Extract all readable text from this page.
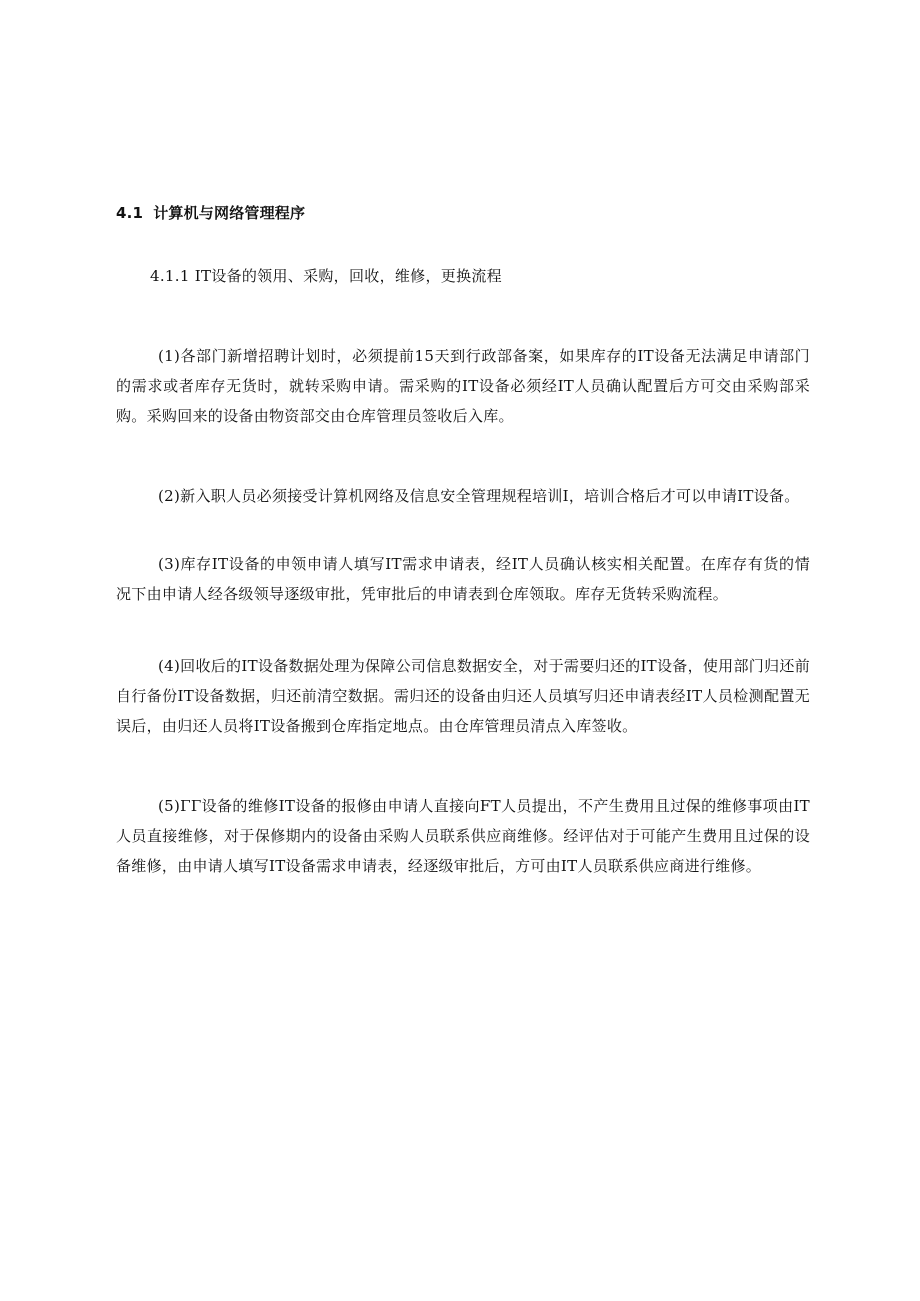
4.1 计算机与网络管理程序
4.1.1 IT设备的领用、采购，回收，维修，更换流程

(1)各部门新增招聘计划时，必须提前15天到行政部备案，如果库存的IT设备无法满足申请部门的需求或者库存无货时，就转采购申请。需采购的IT设备必须经IT人员确认配置后方可交由采购部采购。采购回来的设备由物资部交由仓库管理员签收后入库。

(2)新入职人员必须接受计算机网络及信息安全管理规程培训I，培训合格后才可以申请IT设备。

(3)库存IT设备的申领申请人填写IT需求申请表，经IT人员确认核实相关配置。在库存有货的情况下由申请人经各级领导逐级审批，凭审批后的申请表到仓库领取。库存无货转采购流程。

(4)回收后的IT设备数据处理为保障公司信息数据安全，对于需要归还的IT设备，使用部门归还前自行备份IT设备数据，归还前清空数据。需归还的设备由归还人员填写归还申请表经IT人员检测配置无误后，由归还人员将IT设备搬到仓库指定地点。由仓库管理员清点入库签收。

(5)ΓΓ设备的维修IT设备的报修由申请人直接向FT人员提出，不产生费用且过保的维修事项由IT人员直接维修，对于保修期内的设备由采购人员联系供应商维修。经评估对于可能产生费用且过保的设备维修，由申请人填写IT设备需求申请表，经逐级审批后，方可由IT人员联系供应商进行维修。
